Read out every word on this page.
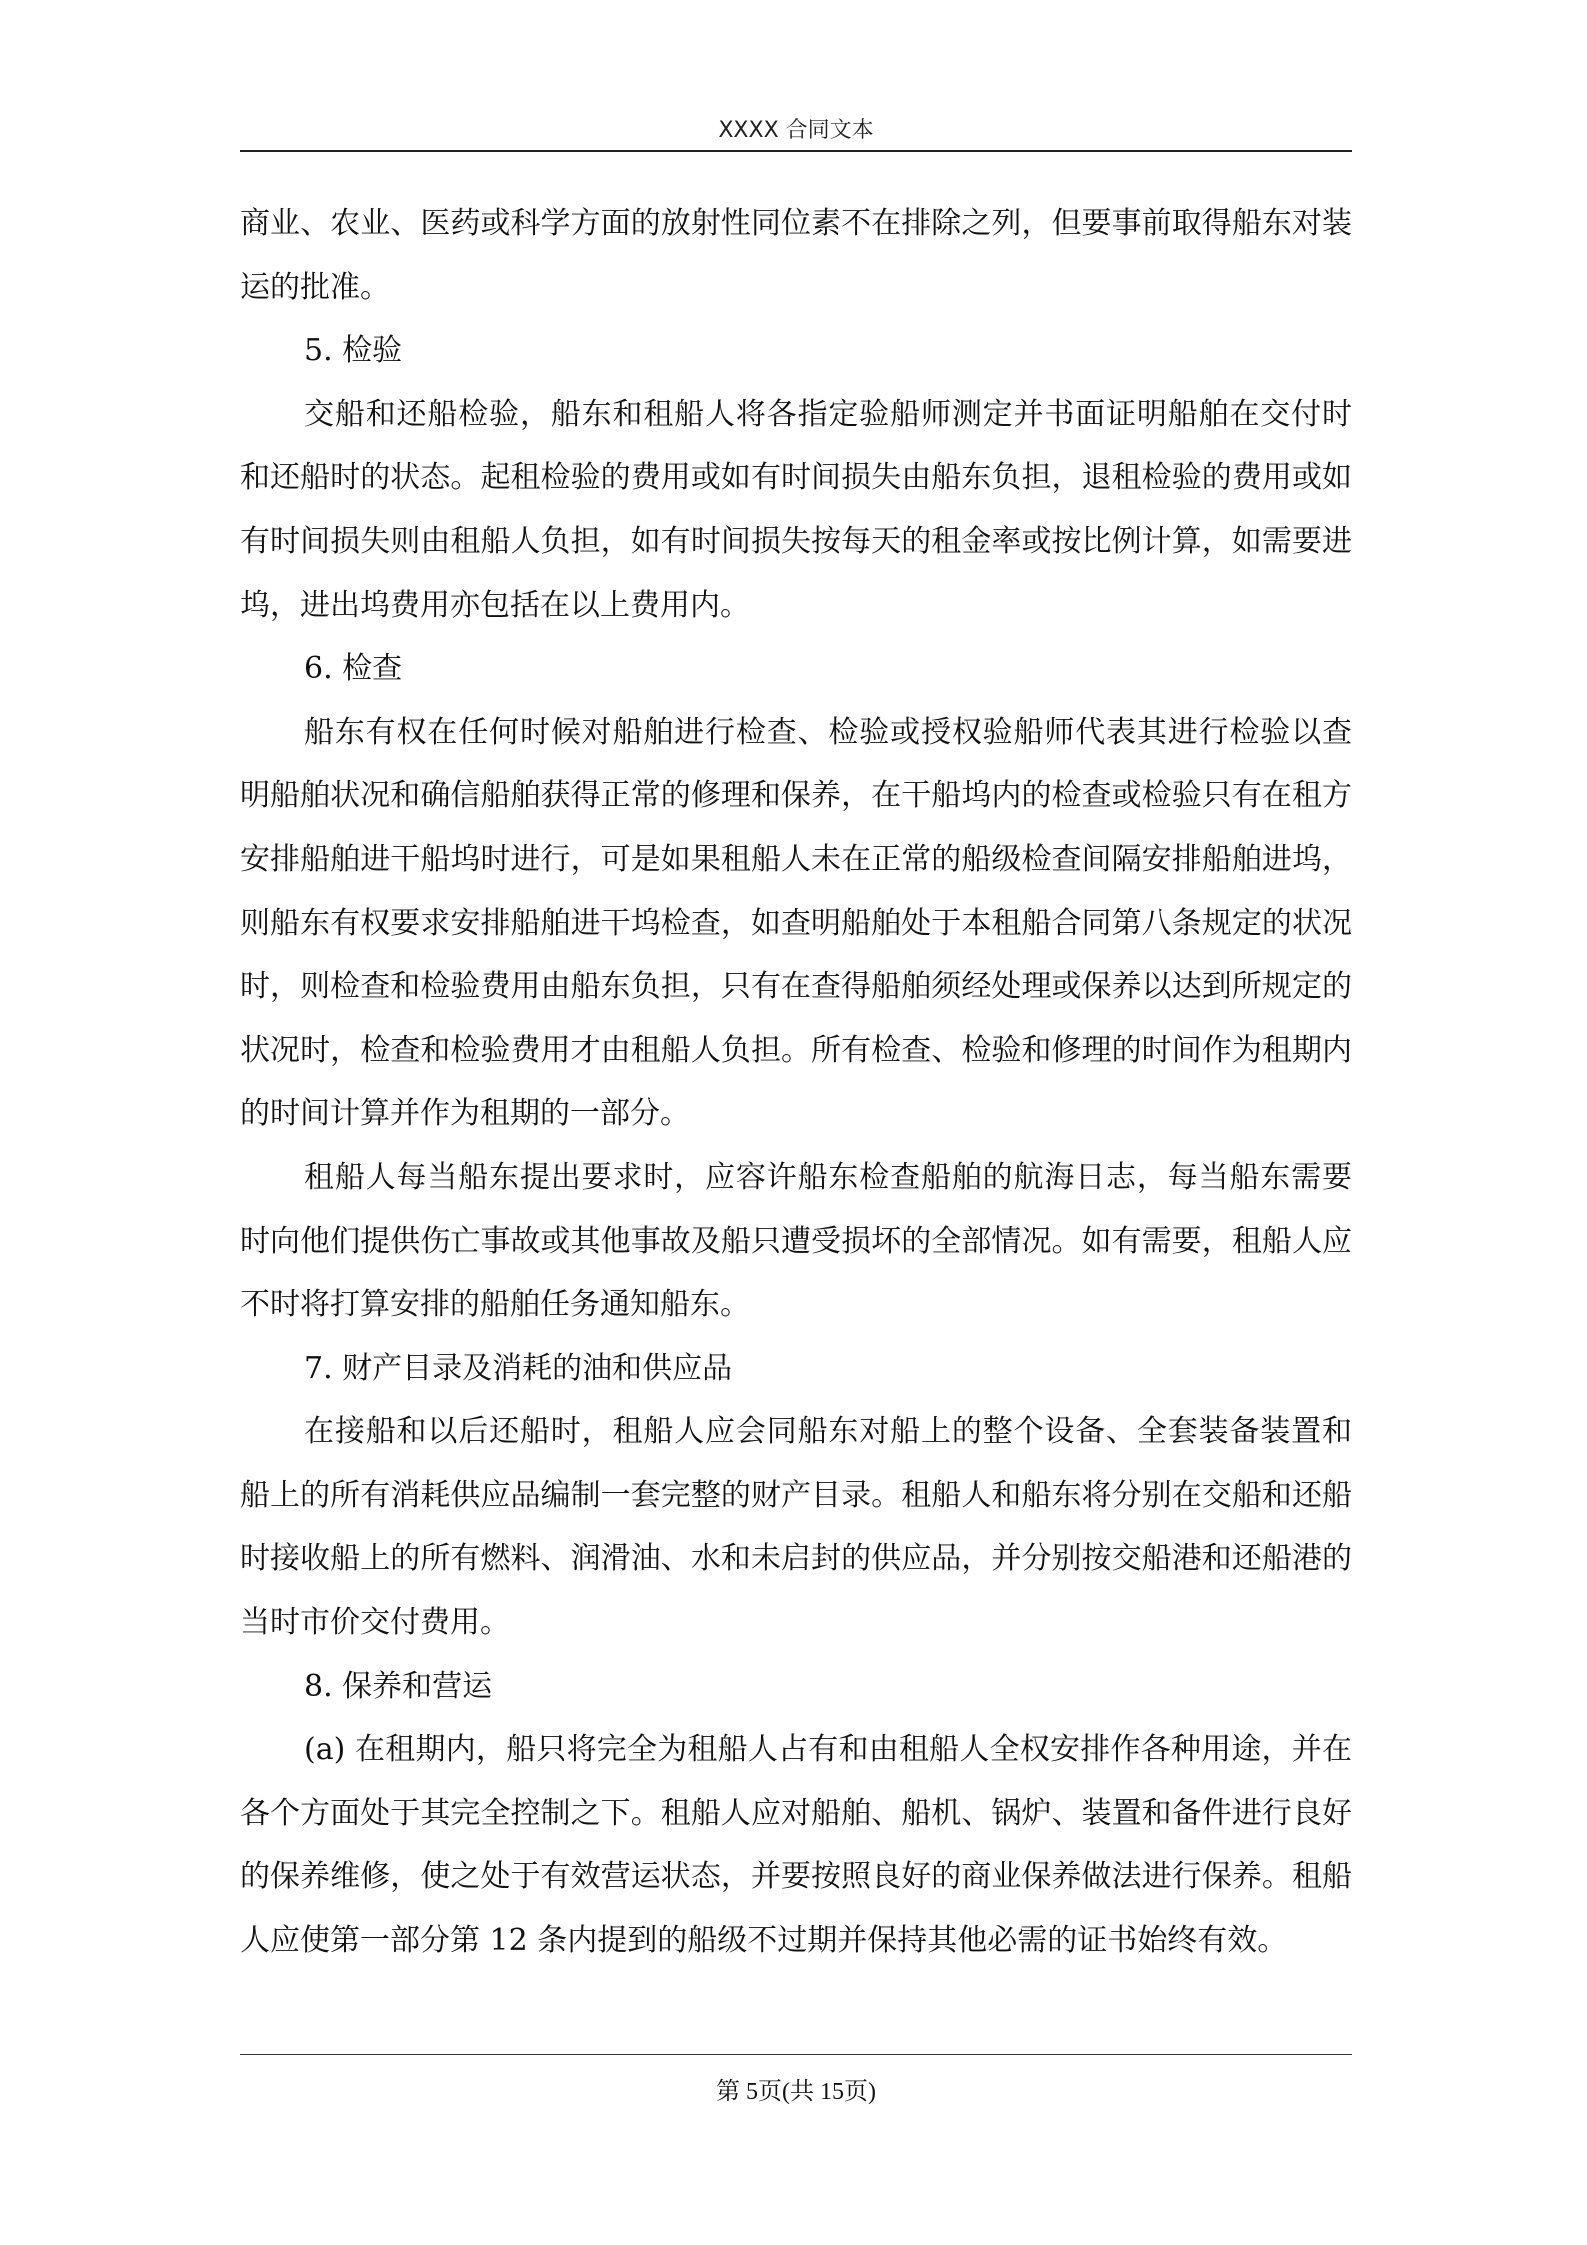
XXXX 合同文本

商业、农业、医药或科学方面的放射性同位素不在排除之列，但要事前取得船东对装运的批准。

5. 检验

交船和还船检验，船东和租船人将各指定验船师测定并书面证明船舶在交付时和还船时的状态。起租检验的费用或如有时间损失由船东负担，退租检验的费用或如有时间损失则由租船人负担，如有时间损失按每天的租金率或按比例计算，如需要进坞，进出坞费用亦包括在以上费用内。

6. 检查

船东有权在任何时候对船舶进行检查、检验或授权验船师代表其进行检验以查明船舶状况和确信船舶获得正常的修理和保养，在干船坞内的检查或检验只有在租方安排船舶进干船坞时进行，可是如果租船人未在正常的船级检查间隔安排船舶进坞，则船东有权要求安排船舶进干坞检查，如查明船舶处于本租船合同第八条规定的状况时，则检查和检验费用由船东负担，只有在查得船舶须经处理或保养以达到所规定的状况时，检查和检验费用才由租船人负担。所有检查、检验和修理的时间作为租期内的时间计算并作为租期的一部分。

租船人每当船东提出要求时，应容许船东检查船舶的航海日志，每当船东需要时向他们提供伤亡事故或其他事故及船只遭受损坏的全部情况。如有需要，租船人应不时将打算安排的船舶任务通知船东。

7. 财产目录及消耗的油和供应品

在接船和以后还船时，租船人应会同船东对船上的整个设备、全套装备装置和船上的所有消耗供应品编制一套完整的财产目录。租船人和船东将分别在交船和还船时接收船上的所有燃料、润滑油、水和未启封的供应品，并分别按交船港和还船港的当时市价交付费用。

8. 保养和营运

(a) 在租期内，船只将完全为租船人占有和由租船人全权安排作各种用途，并在各个方面处于其完全控制之下。租船人应对船舶、船机、锅炉、装置和备件进行良好的保养维修，使之处于有效营运状态，并要按照良好的商业保养做法进行保养。租船人应使第一部分第 12 条内提到的船级不过期并保持其他必需的证书始终有效。

第 5页(共 15页)
